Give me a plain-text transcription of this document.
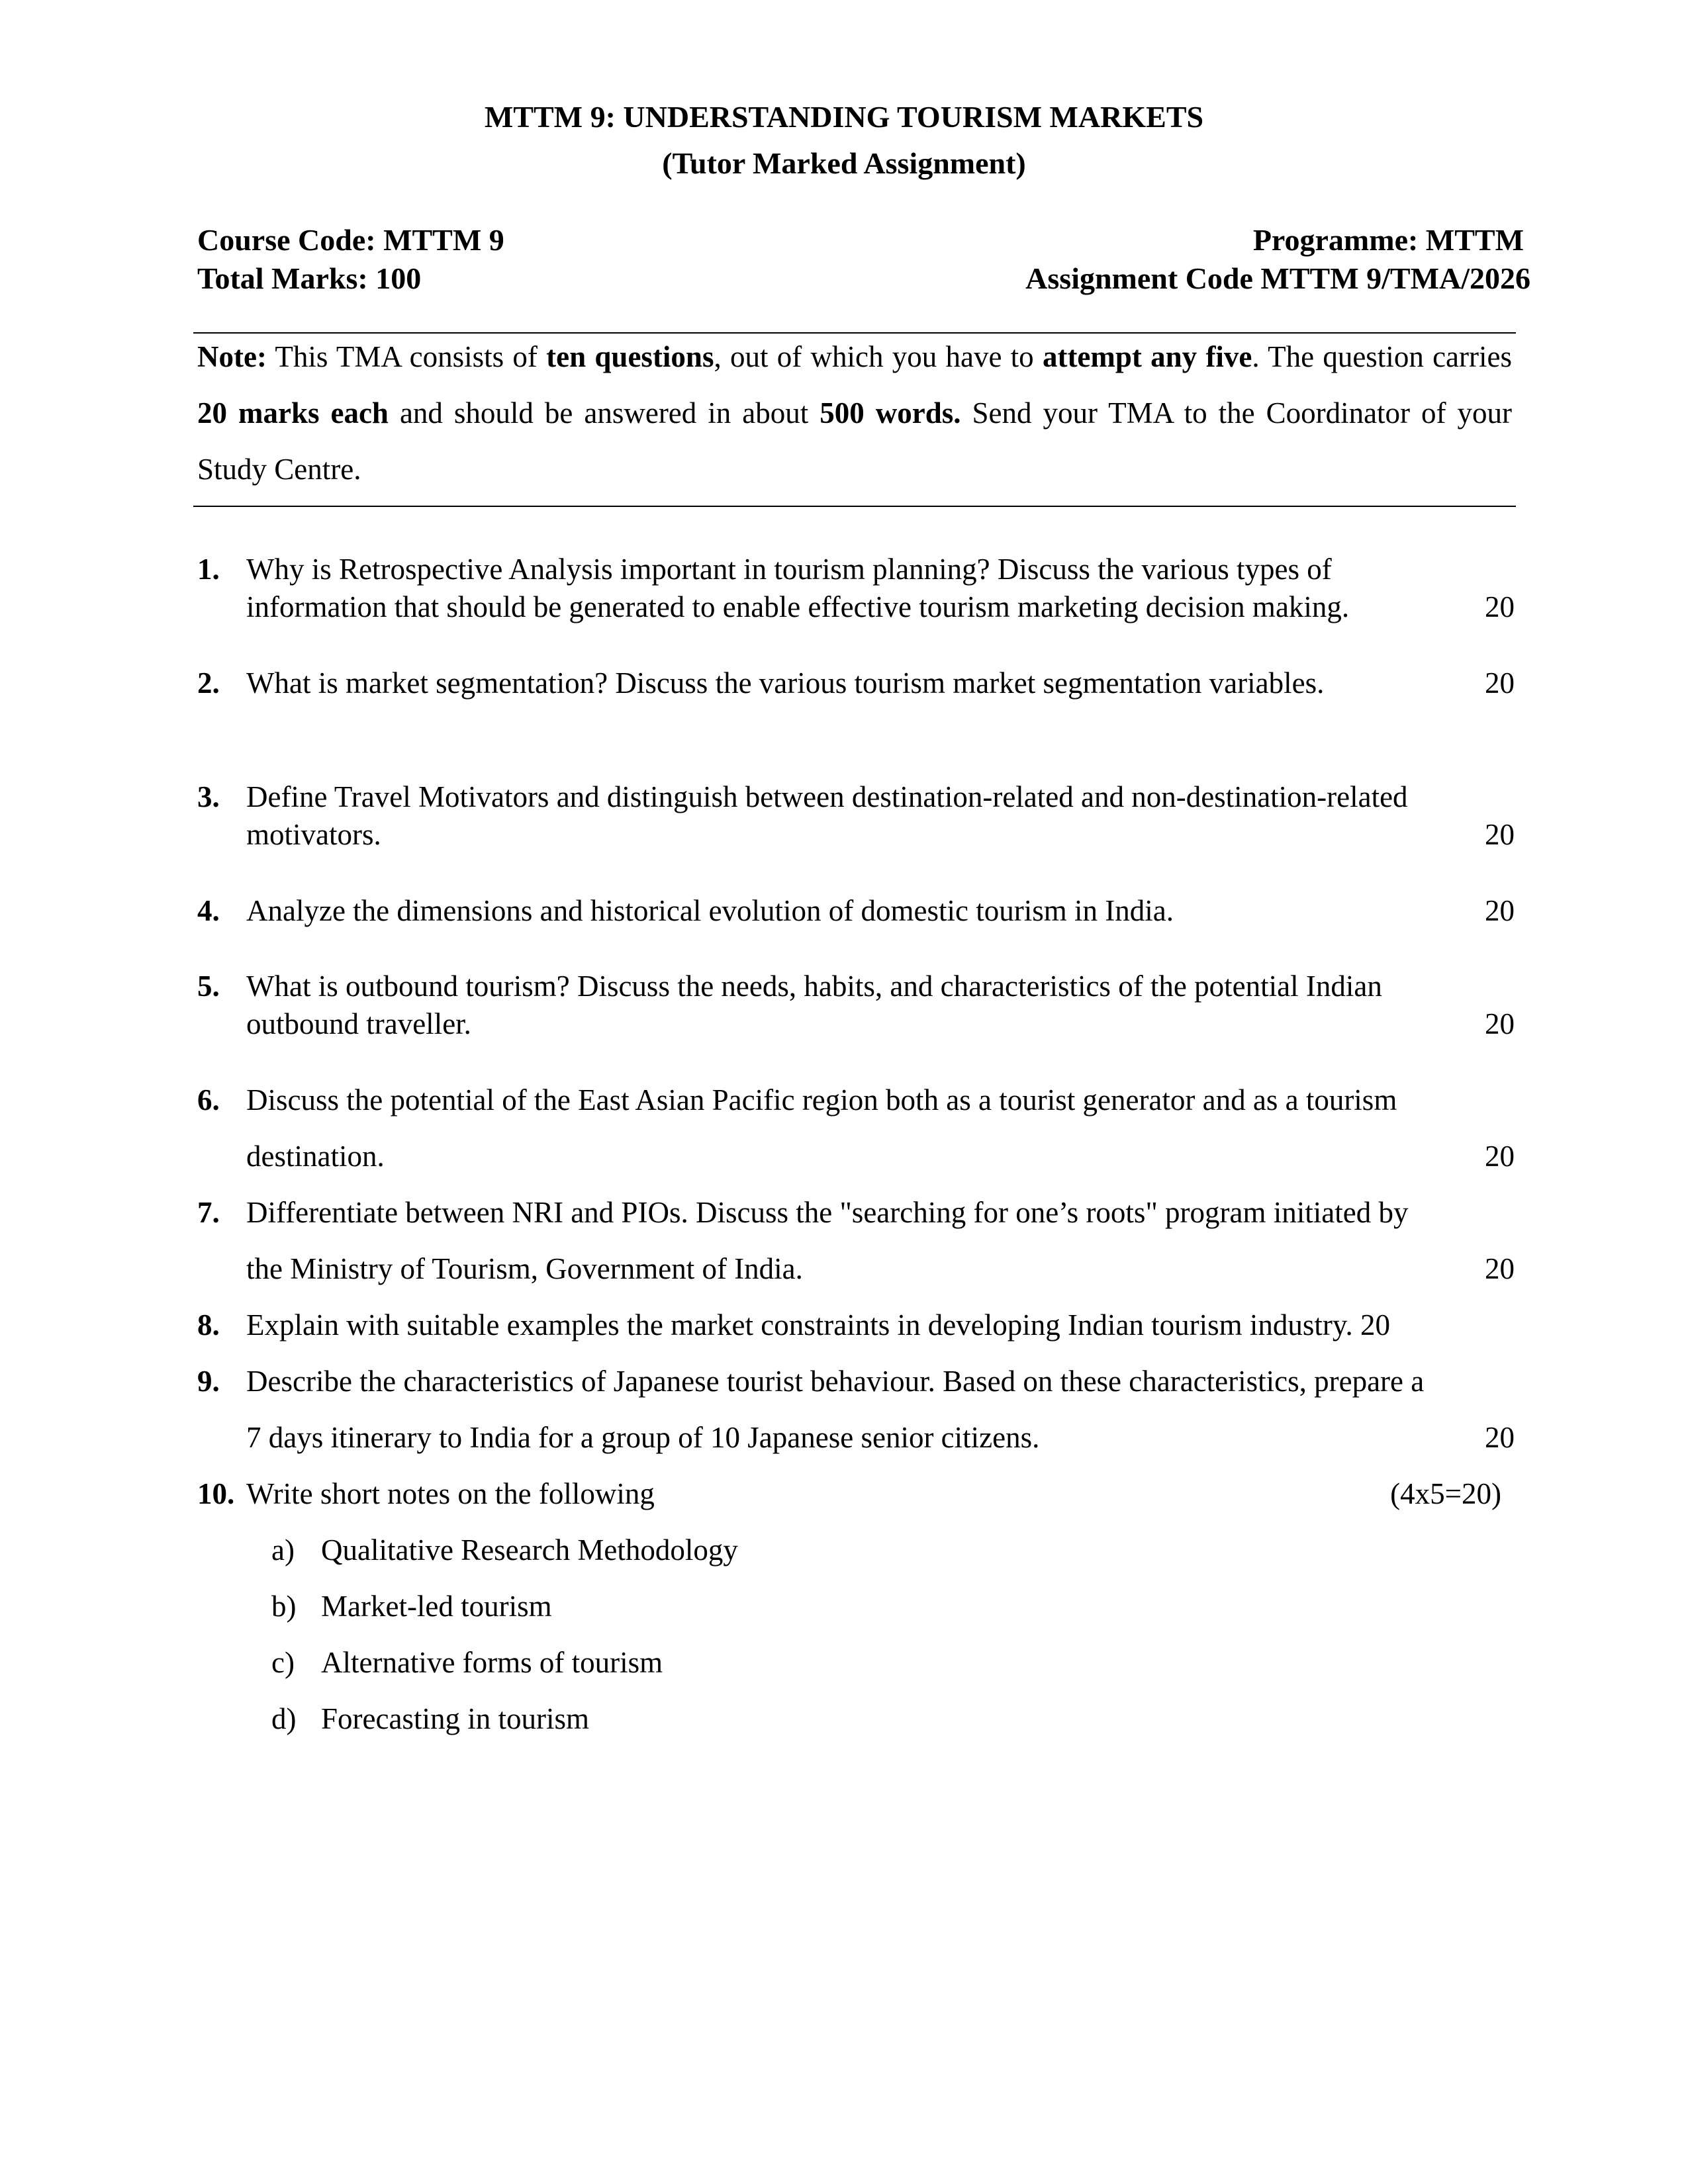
MTTM 9: UNDERSTANDING TOURISM MARKETS
(Tutor Marked Assignment)
Course Code: MTTM 9	Programme: MTTM
Total Marks: 100	Assignment Code MTTM 9/TMA/2026
Note: This TMA consists of ten questions, out of which you have to attempt any five. The question carries 20 marks each and should be answered in about 500 words. Send your TMA to the Coordinator of your Study Centre.
1. Why is Retrospective Analysis important in tourism planning? Discuss the various types of
information that should be generated to enable effective tourism marketing decision making.	20
2. What is market segmentation? Discuss the various tourism market segmentation variables.	20
3. Define Travel Motivators and distinguish between destination-related and non-destination-related
motivators.	20
4. Analyze the dimensions and historical evolution of domestic tourism in India.	20
5. What is outbound tourism? Discuss the needs, habits, and characteristics of the potential Indian
outbound traveller.	20
6. Discuss the potential of the East Asian Pacific region both as a tourist generator and as a tourism
destination.	20
7. Differentiate between NRI and PIOs. Discuss the "searching for one’s roots" program initiated by
the Ministry of Tourism, Government of India.	20
8. Explain with suitable examples the market constraints in developing Indian tourism industry. 20
9. Describe the characteristics of Japanese tourist behaviour. Based on these characteristics, prepare a
7 days itinerary to India for a group of 10 Japanese senior citizens.	20
10. Write short notes on the following	(4x5=20)
a) Qualitative Research Methodology
b) Market-led tourism
c) Alternative forms of tourism
d) Forecasting in tourism
